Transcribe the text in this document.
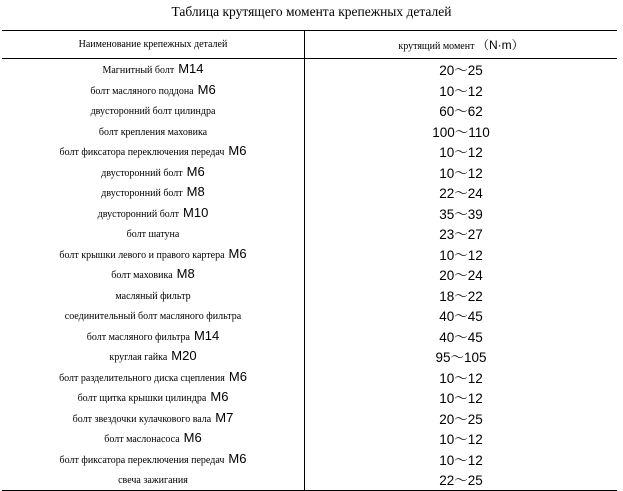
Таблица крутящего момента крепежных деталей
Наименование крепежных деталей	крутящий момент （N·m）
Магнитный болт M14	20～25
болт масляного поддона M6	10～12
двусторонний болт цилиндра	60～62
болт крепления маховика	100～110
болт фиксатора переключения передач M6	10～12
двусторонний болт M6	10～12
двусторонний болт M8	22～24
двусторонний болт M10	35～39
болт шатуна	23～27
болт крышки левого и правого картера M6	10～12
болт маховика M8	20～24
масляный фильтр	18～22
соединительный болт масляного фильтра	40～45
болт масляного фильтра M14	40～45
круглая гайка M20	95～105
болт разделительного диска сцепления M6	10～12
болт щитка крышки цилиндра M6	10～12
болт звездочки кулачкового вала M7	20～25
болт маслонасоса M6	10～12
болт фиксатора переключения передач M6	10～12
свеча зажигания	22～25
